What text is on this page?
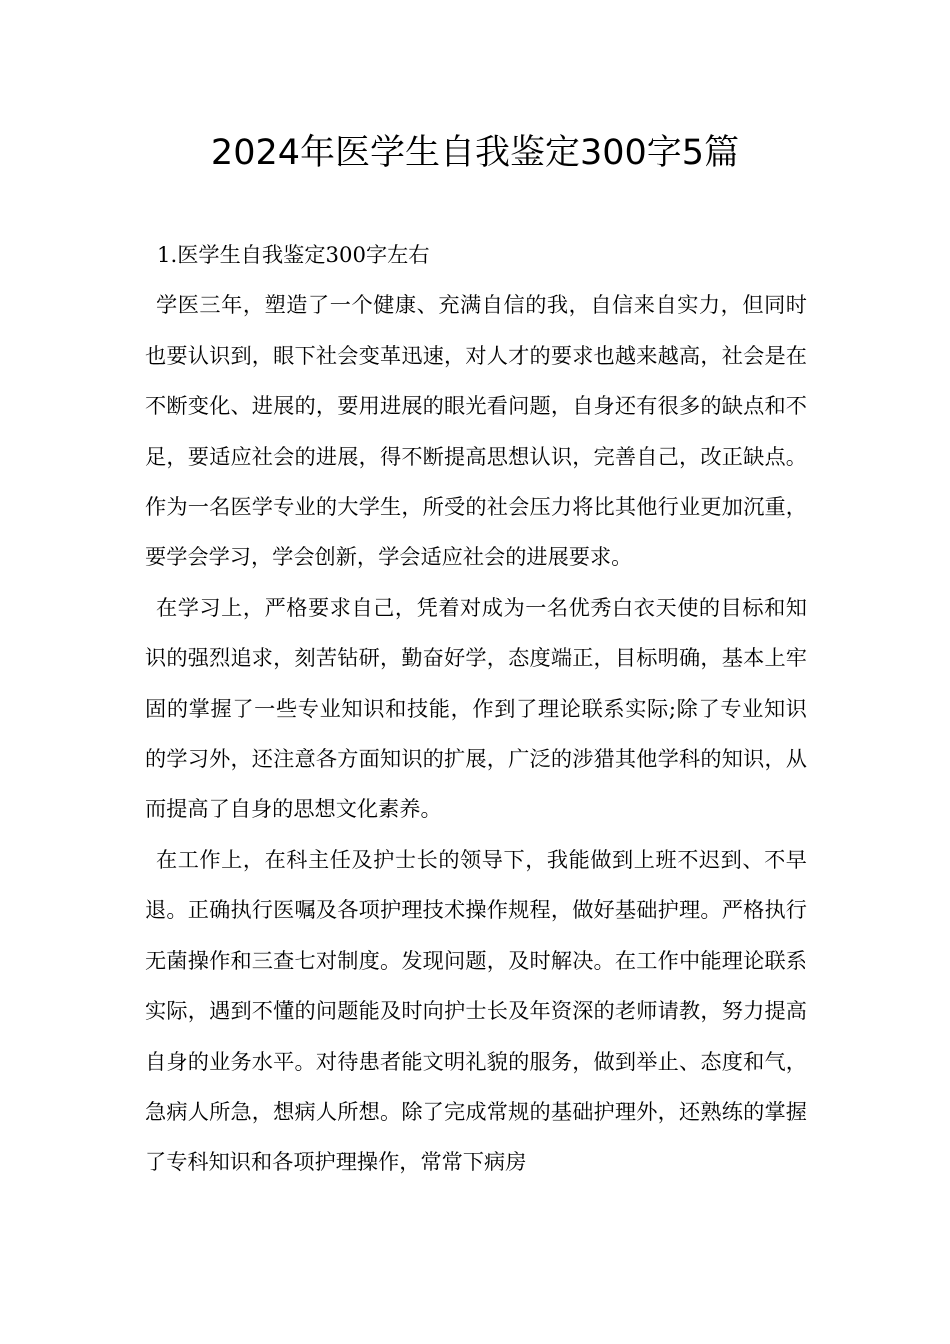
2024年医学生自我鉴定300字5篇

1.医学生自我鉴定300字左右

学医三年，塑造了一个健康、充满自信的我，自信来自实力，但同时也要认识到，眼下社会变革迅速，对人才的要求也越来越高，社会是在不断变化、进展的，要用进展的眼光看问题，自身还有很多的缺点和不足，要适应社会的进展，得不断提高思想认识，完善自己，改正缺点。作为一名医学专业的大学生，所受的社会压力将比其他行业更加沉重，要学会学习，学会创新，学会适应社会的进展要求。

在学习上，严格要求自己，凭着对成为一名优秀白衣天使的目标和知识的强烈追求，刻苦钻研，勤奋好学，态度端正，目标明确，基本上牢固的掌握了一些专业知识和技能，作到了理论联系实际;除了专业知识的学习外，还注意各方面知识的扩展，广泛的涉猎其他学科的知识，从而提高了自身的思想文化素养。

在工作上，在科主任及护士长的领导下，我能做到上班不迟到、不早退。正确执行医嘱及各项护理技术操作规程，做好基础护理。严格执行无菌操作和三查七对制度。发现问题，及时解决。在工作中能理论联系实际，遇到不懂的问题能及时向护士长及年资深的老师请教，努力提高自身的业务水平。对待患者能文明礼貌的服务，做到举止、态度和气，急病人所急，想病人所想。除了完成常规的基础护理外，还熟练的掌握了专科知识和各项护理操作，常常下病房
